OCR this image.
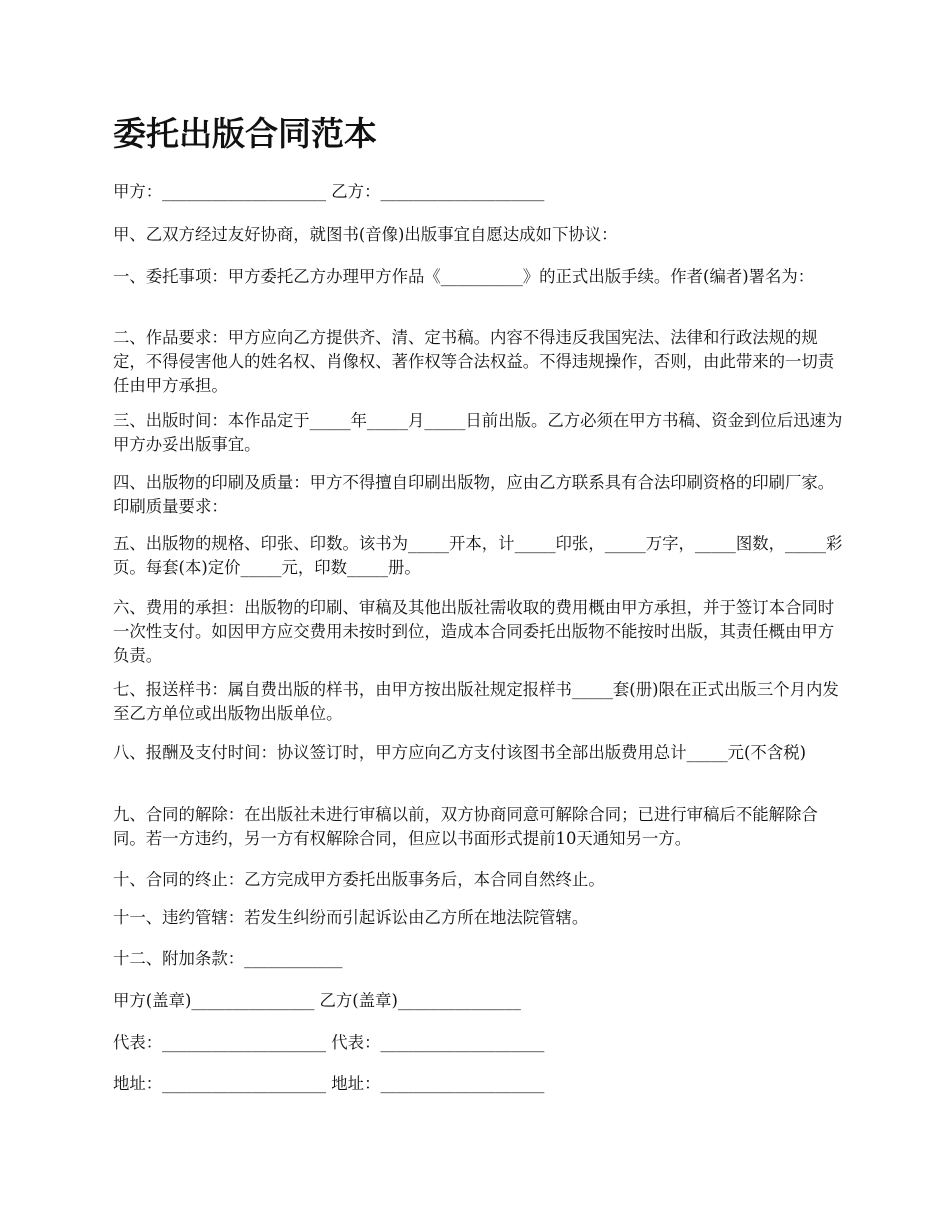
委托出版合同范本

甲方：____________________ 乙方：____________________

甲、乙双方经过友好协商，就图书(音像)出版事宜自愿达成如下协议：

一、委托事项：甲方委托乙方办理甲方作品《__________》的正式出版手续。作者(编者)署名为：

二、作品要求：甲方应向乙方提供齐、清、定书稿。内容不得违反我国宪法、法律和行政法规的规定，不得侵害他人的姓名权、肖像权、著作权等合法权益。不得违规操作，否则，由此带来的一切责任由甲方承担。

三、出版时间：本作品定于_____年_____月_____日前出版。乙方必须在甲方书稿、资金到位后迅速为甲方办妥出版事宜。

四、出版物的印刷及质量：甲方不得擅自印刷出版物，应由乙方联系具有合法印刷资格的印刷厂家。印刷质量要求：

五、出版物的规格、印张、印数。该书为_____开本，计_____印张，_____万字，_____图数，_____彩页。每套(本)定价_____元，印数_____册。

六、费用的承担：出版物的印刷、审稿及其他出版社需收取的费用概由甲方承担，并于签订本合同时一次性支付。如因甲方应交费用未按时到位，造成本合同委托出版物不能按时出版，其责任概由甲方负责。

七、报送样书：属自费出版的样书，由甲方按出版社规定报样书_____套(册)限在正式出版三个月内发至乙方单位或出版物出版单位。

八、报酬及支付时间：协议签订时，甲方应向乙方支付该图书全部出版费用总计_____元(不含税)

九、合同的解除：在出版社未进行审稿以前，双方协商同意可解除合同；已进行审稿后不能解除合同。若一方违约，另一方有权解除合同，但应以书面形式提前10天通知另一方。

十、合同的终止：乙方完成甲方委托出版事务后，本合同自然终止。

十一、违约管辖：若发生纠纷而引起诉讼由乙方所在地法院管辖。

十二、附加条款：____________

甲方(盖章)_______________ 乙方(盖章)_______________

代表：____________________ 代表：____________________

地址：____________________ 地址：____________________
